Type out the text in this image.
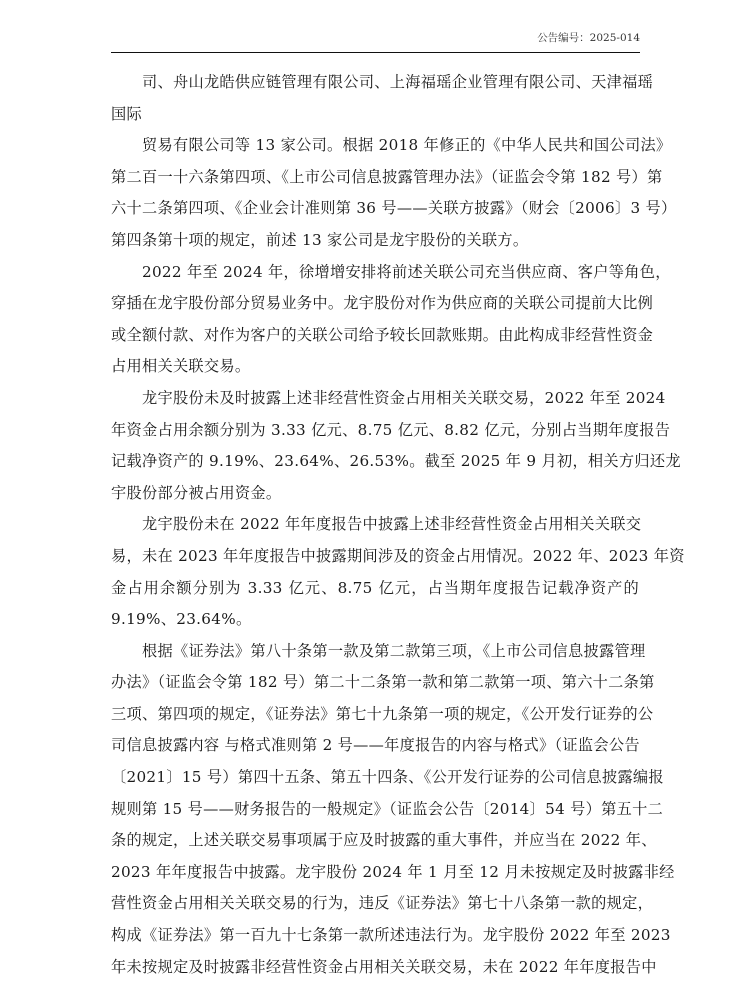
公告编号：2025-014
司、舟山龙皓供应链管理有限公司、上海福瑶企业管理有限公司、天津福瑶
国际
贸易有限公司等 13 家公司。根据 2018 年修正的《中华人民共和国公司法》
第二百一十六条第四项、《上市公司信息披露管理办法》（证监会令第 182 号）第
六十二条第四项、《企业会计准则第 36 号——关联方披露》（财会〔2006〕3 号）
第四条第十项的规定，前述 13 家公司是龙宇股份的关联方。
2022 年至 2024 年，徐增增安排将前述关联公司充当供应商、客户等角色，
穿插在龙宇股份部分贸易业务中。龙宇股份对作为供应商的关联公司提前大比例
或全额付款、对作为客户的关联公司给予较长回款账期。由此构成非经营性资金
占用相关关联交易。
龙宇股份未及时披露上述非经营性资金占用相关关联交易，2022 年至 2024
年资金占用余额分别为 3.33 亿元、8.75 亿元、8.82 亿元，分别占当期年度报告
记载净资产的 9.19%、23.64%、26.53%。截至 2025 年 9 月初，相关方归还龙
宇股份部分被占用资金。
龙宇股份未在 2022 年年度报告中披露上述非经营性资金占用相关关联交
易，未在 2023 年年度报告中披露期间涉及的资金占用情况。2022 年、2023 年资
金占用余额分别为 3.33 亿元、8.75 亿元，占当期年度报告记载净资产的
9.19%、23.64%。
根据《证券法》第八十条第一款及第二款第三项，《上市公司信息披露管理
办法》（证监会令第 182 号）第二十二条第一款和第二款第一项、第六十二条第
三项、第四项的规定，《证券法》第七十九条第一项的规定，《公开发行证券的公
司信息披露内容 与格式准则第 2 号——年度报告的内容与格式》（证监会公告
〔2021〕15 号）第四十五条、第五十四条、《公开发行证券的公司信息披露编报
规则第 15 号——财务报告的一般规定》（证监会公告〔2014〕54 号）第五十二
条的规定，上述关联交易事项属于应及时披露的重大事件，并应当在 2022 年、
2023 年年度报告中披露。龙宇股份 2024 年 1 月至 12 月未按规定及时披露非经
营性资金占用相关关联交易的行为，违反《证券法》第七十八条第一款的规定，
构成《证券法》第一百九十七条第一款所述违法行为。龙宇股份 2022 年至 2023
年未按规定及时披露非经营性资金占用相关关联交易，未在 2022 年年度报告中
